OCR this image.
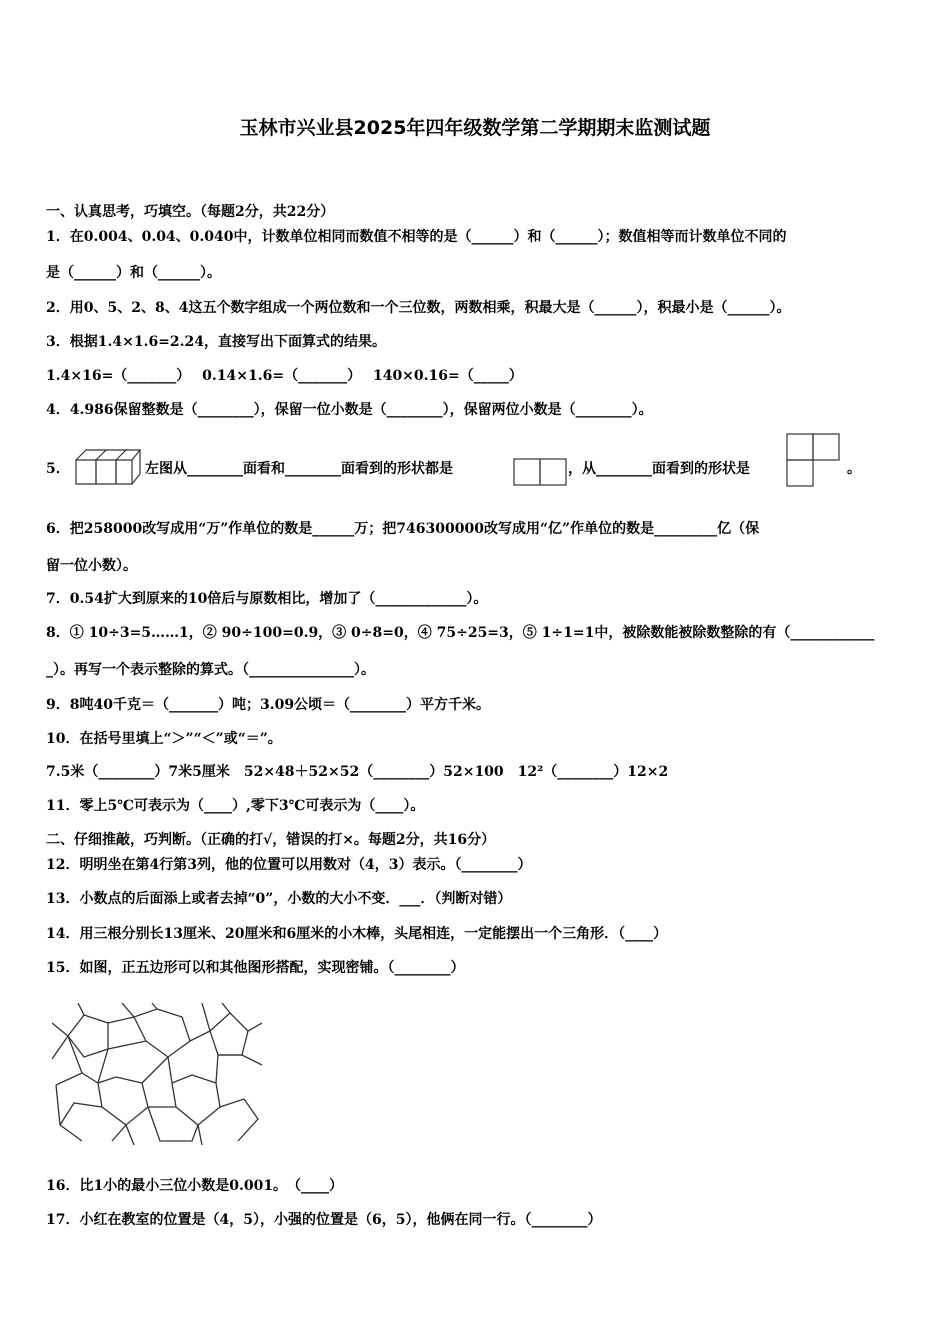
玉林市兴业县2025年四年级数学第二学期期末监测试题
一、认真思考，巧填空。（每题2分，共22分）
1．在0.004、0.04、0.040中，计数单位相同而数值不相等的是（______）和（______）；数值相等而计数单位不同的
是（______）和（______）。
2．用0、5、2、8、4这五个数字组成一个两位数和一个三位数，两数相乘，积最大是（______），积最小是（______）。
3．根据1.4×1.6=2.24，直接写出下面算式的结果。
1.4×16=（_______）　 0.14×1.6=（_______）　 140×0.16=（_____）
4．4.986保留整数是（________），保留一位小数是（________），保留两位小数是（________）。
5．	左图从________面看和________面看到的形状都是	，从________面看到的形状是	。
6．把258000改写成用“万”作单位的数是______万；把746300000改写成用“亿”作单位的数是_________亿（保
留一位小数）。
7．0.54扩大到原来的10倍后与原数相比，增加了（_____________）。
8．① 10÷3=5……1，② 90÷100=0.9，③ 0÷8=0，④ 75÷25=3，⑤ 1÷1=1中，被除数能被除数整除的有（____________
_）。再写一个表示整除的算式。（_______________）。
9．8吨40千克＝（_______）吨；3.09公顷＝（________）平方千米。
10．在括号里填上“＞”“＜”或“＝”。
7.5米（________）7米5厘米　52×48＋52×52（________）52×100　12²（________）12×2
11．零上5℃可表示为（____）,零下3℃可表示为（____）。
二、仔细推敲，巧判断。（正确的打√，错误的打×。每题2分，共16分）
12．明明坐在第4行第3列，他的位置可以用数对（4，3）表示。（________）
13．小数点的后面添上或者去掉“0”，小数的大小不变．___．（判断对错）
14．用三根分别长13厘米、20厘米和6厘米的小木棒，头尾相连，一定能摆出一个三角形．（____）
15．如图，正五边形可以和其他图形搭配，实现密铺。（________）
16．比1小的最小三位小数是0.001。　（____）
17．小红在教室的位置是（4，5），小强的位置是（6，5），他俩在同一行。（________）
